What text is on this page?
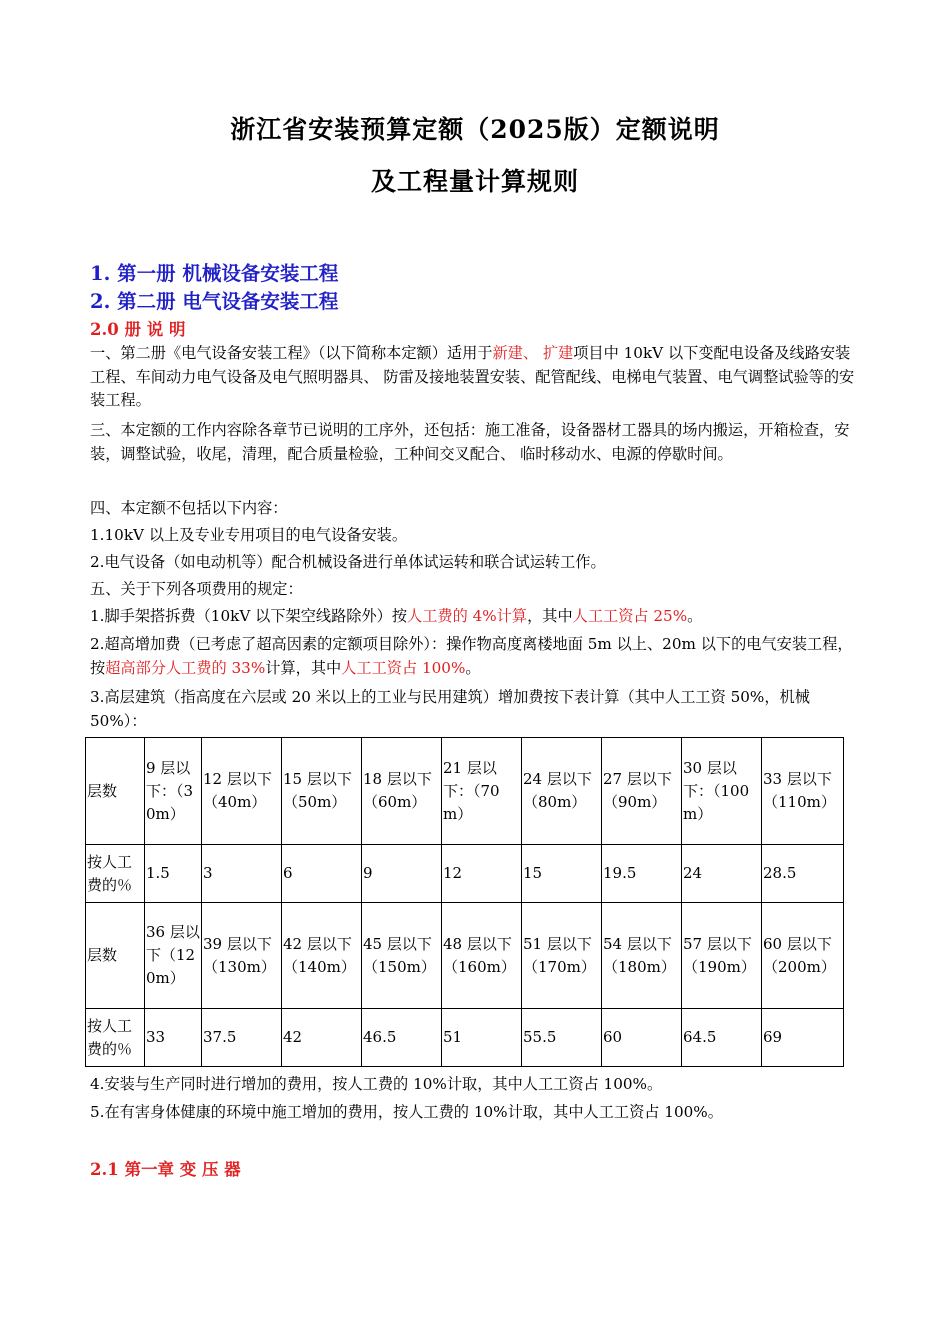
浙江省安装预算定额（2025版）定额说明
及工程量计算规则
1. 第一册 机械设备安装工程
2. 第二册 电气设备安装工程
2.0 册 说 明
一、第二册《电气设备安装工程》（以下简称本定额）适用于新建、 扩建项目中 10kV 以下变配电设备及线路安装工程、车间动力电气设备及电气照明器具、 防雷及接地装置安装、配管配线、电梯电气装置、电气调整试验等的安装工程。
三、本定额的工作内容除各章节已说明的工序外，还包括：施工准备，设备器材工器具的场内搬运，开箱检查，安装，调整试验，收尾，清理，配合质量检验，工种间交叉配合、 临时移动水、电源的停歇时间。
四、本定额不包括以下内容：
1.10kV 以上及专业专用项目的电气设备安装。
2.电气设备（如电动机等）配合机械设备进行单体试运转和联合试运转工作。
五、关于下列各项费用的规定：
1.脚手架搭拆费（10kV 以下架空线路除外）按人工费的 4%计算，其中人工工资占 25%。
2.超高增加费（已考虑了超高因素的定额项目除外）：操作物高度离楼地面 5m 以上、20m 以下的电气安装工程，按超高部分人工费的 33%计算，其中人工工资占 100%。
3.高层建筑（指高度在六层或 20 米以上的工业与民用建筑）增加费按下表计算（其中人工工资 50%，机械 50%）：
层数	9 层以下：（30m）	12 层以下（40m）	15 层以下（50m）	18 层以下（60m）	21 层以下：（70m）	24 层以下（80m）	27 层以下（90m）	30 层以下：（100m）	33 层以下（110m）
按人工费的％	1.5	3	6	9	12	15	19.5	24	28.5
层数	36 层以下（120m）	39 层以下（130m）	42 层以下（140m）	45 层以下（150m）	48 层以下（160m）	51 层以下（170m）	54 层以下（180m）	57 层以下（190m）	60 层以下（200m）
按人工费的％	33	37.5	42	46.5	51	55.5	60	64.5	69
4.安装与生产同时进行增加的费用，按人工费的 10%计取，其中人工工资占 100%。
5.在有害身体健康的环境中施工增加的费用，按人工费的 10%计取，其中人工工资占 100%。
2.1 第一章 变 压 器
